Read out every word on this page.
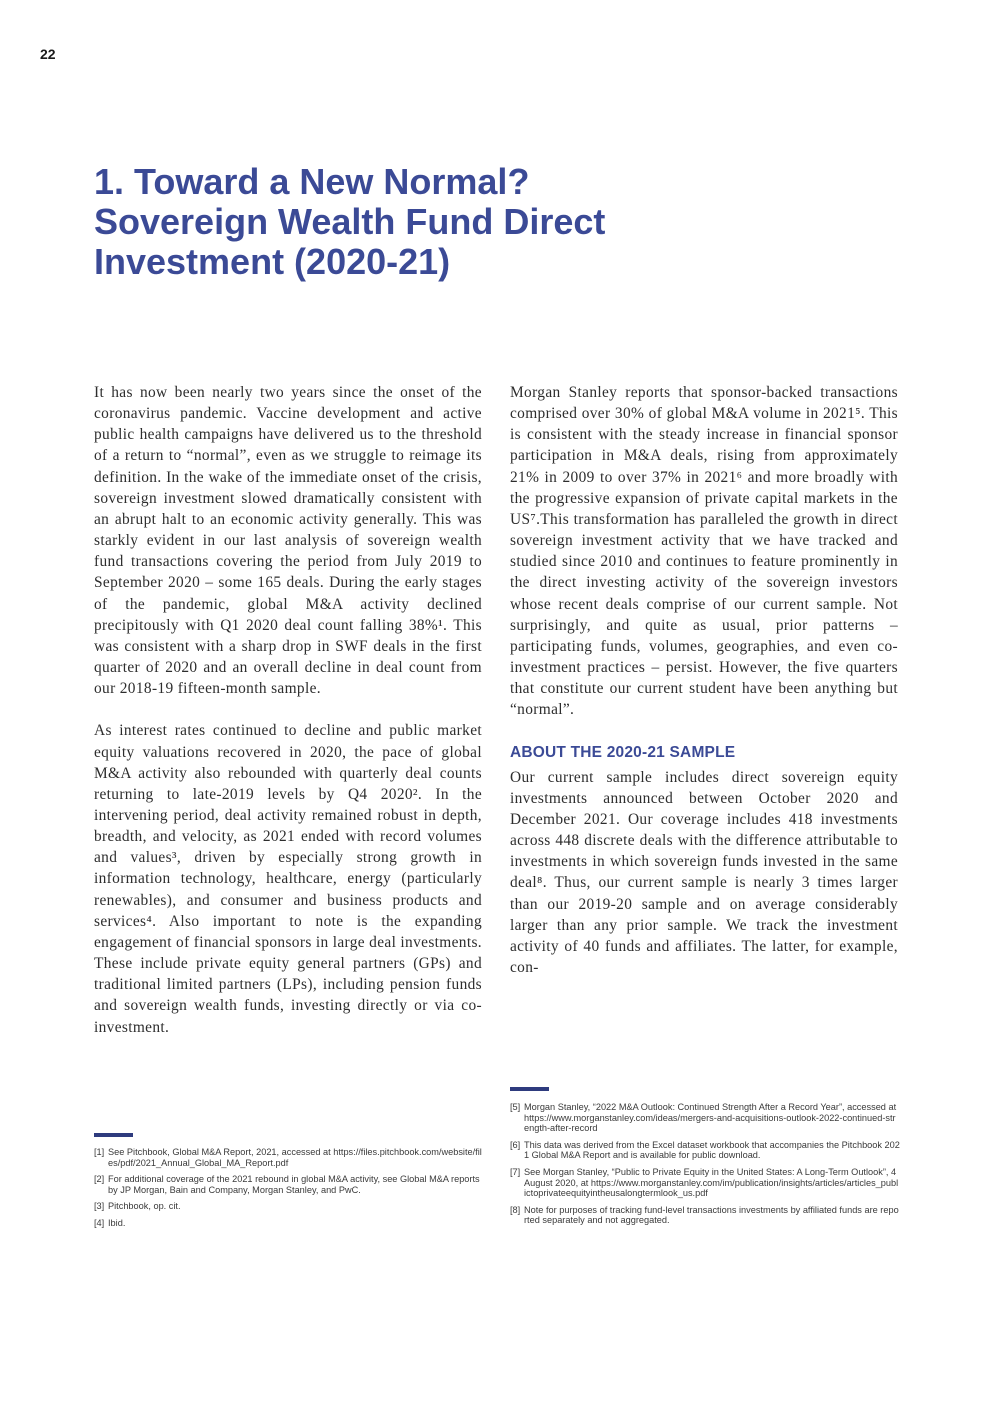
22
1. Toward a New Normal?
Sovereign Wealth Fund Direct
Investment (2020-21)

It has now been nearly two years since the onset of the coronavirus pandemic. Vaccine development and active public health campaigns have delivered us to the threshold of a return to “normal”, even as we struggle to reimage its definition. In the wake of the immediate onset of the crisis, sovereign investment slowed dramatically consistent with an abrupt halt to an economic activity generally. This was starkly evident in our last analysis of sovereign wealth fund transactions covering the period from July 2019 to September 2020 – some 165 deals. During the early stages of the pandemic, global M&A activity declined precipitously with Q1 2020 deal count falling 38%¹. This was consistent with a sharp drop in SWF deals in the first quarter of 2020 and an overall decline in deal count from our 2018-19 fifteen-month sample.

As interest rates continued to decline and public market equity valuations recovered in 2020, the pace of global M&A activity also rebounded with quarterly deal counts returning to late-2019 levels by Q4 2020². In the intervening period, deal activity remained robust in depth, breadth, and velocity, as 2021 ended with record volumes and values³, driven by especially strong growth in information technology, healthcare, energy (particularly renewables), and consumer and business products and services⁴. Also important to note is the expanding engagement of financial sponsors in large deal investments. These include private equity general partners (GPs) and traditional limited partners (LPs), including pension funds and sovereign wealth funds, investing directly or via co-investment.

Morgan Stanley reports that sponsor-backed transactions comprised over 30% of global M&A volume in 2021⁵. This is consistent with the steady increase in financial sponsor participation in M&A deals, rising from approximately 21% in 2009 to over 37% in 2021⁶ and more broadly with the progressive expansion of private capital markets in the US⁷.This transformation has paralleled the growth in direct sovereign investment activity that we have tracked and studied since 2010 and continues to feature prominently in the direct investing activity of the sovereign investors whose recent deals comprise of our current sample. Not surprisingly, and quite as usual, prior patterns – participating funds, volumes, geographies, and even co-investment practices – persist. However, the five quarters that constitute our current student have been anything but “normal”.

ABOUT THE 2020-21 SAMPLE

Our current sample includes direct sovereign equity investments announced between October 2020 and December 2021. Our coverage includes 418 investments across 448 discrete deals with the difference attributable to investments in which sovereign funds invested in the same deal⁸. Thus, our current sample is nearly 3 times larger than our 2019-20 sample and on average considerably larger than any prior sample. We track the investment activity of 40 funds and affiliates. The latter, for example, con-

[1] See Pitchbook, Global M&A Report, 2021, accessed at https://files.pitchbook.com/website/files/pdf/2021_Annual_Global_MA_Report.pdf
[2] For additional coverage of the 2021 rebound in global M&A activity, see Global M&A reports by JP Morgan, Bain and Company, Morgan Stanley, and PwC.
[3] Pitchbook, op. cit.
[4] Ibid.
[5] Morgan Stanley, “2022 M&A Outlook: Continued Strength After a Record Year”, accessed at https://www.morganstanley.com/ideas/mergers-and-acquisitions-outlook-2022-continued-strength-after-record
[6] This data was derived from the Excel dataset workbook that accompanies the Pitchbook 2021 Global M&A Report and is available for public download.
[7] See Morgan Stanley, “Public to Private Equity in the United States: A Long-Term Outlook”, 4 August 2020, at https://www.morganstanley.com/im/publication/insights/articles/articles_publictoprivateequityintheusalongtermlook_us.pdf
[8] Note for purposes of tracking fund-level transactions investments by affiliated funds are reported separately and not aggregated.
